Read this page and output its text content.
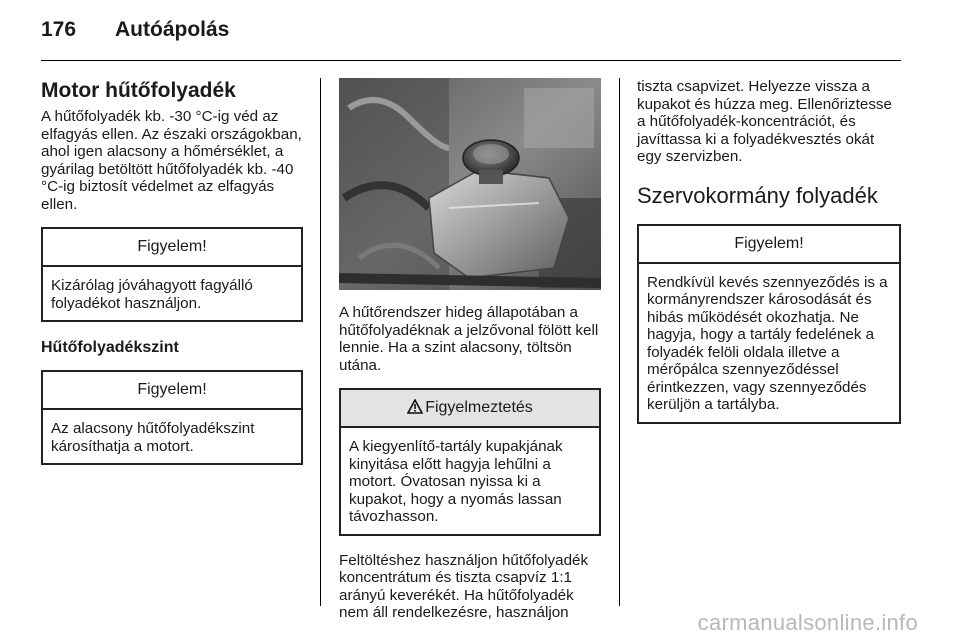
176 Autóápolás
Motor hűtőfolyadék

A hűtőfolyadék kb. -30 °C-ig véd az elfagyás ellen. Az északi országokban, ahol igen alacsony a hőmérséklet, a gyárilag betöltött hűtőfolyadék kb. -40 °C-ig biztosít védelmet az elfagyás ellen.

Figyelem!
Kizárólag jóváhagyott fagyálló folyadékot használjon.
Hűtőfolyadékszint
Figyelem!
Az alacsony hűtőfolyadékszint károsíthatja a motort.

A hűtőrendszer hideg állapotában a hűtőfolyadéknak a jelzővonal fölött kell lennie. Ha a szint alacsony, töltsön utána.

Figyelmeztetés
A kiegyenlítő-tartály kupakjának kinyitása előtt hagyja lehűlni a motort. Óvatosan nyissa ki a kupakot, hogy a nyomás lassan távozhasson.

Feltöltéshez használjon hűtőfolyadék koncentrátum és tiszta csapvíz 1:1 arányú keverékét. Ha hűtőfolyadék nem áll rendelkezésre, használjon

tiszta csapvizet. Helyezze vissza a kupakot és húzza meg. Ellenőriztesse a hűtőfolyadék-koncentrációt, és javíttassa ki a folyadékvesztés okát egy szervizben.

Szervokormány folyadék
Figyelem!
Rendkívül kevés szennyeződés is a kormányrendszer károsodását és hibás működését okozhatja. Ne hagyja, hogy a tartály fedelének a folyadék felöli oldala illetve a mérőpálca szennyeződéssel érintkezzen, vagy szennyeződés kerüljön a tartályba.
carmanualsonline.info
